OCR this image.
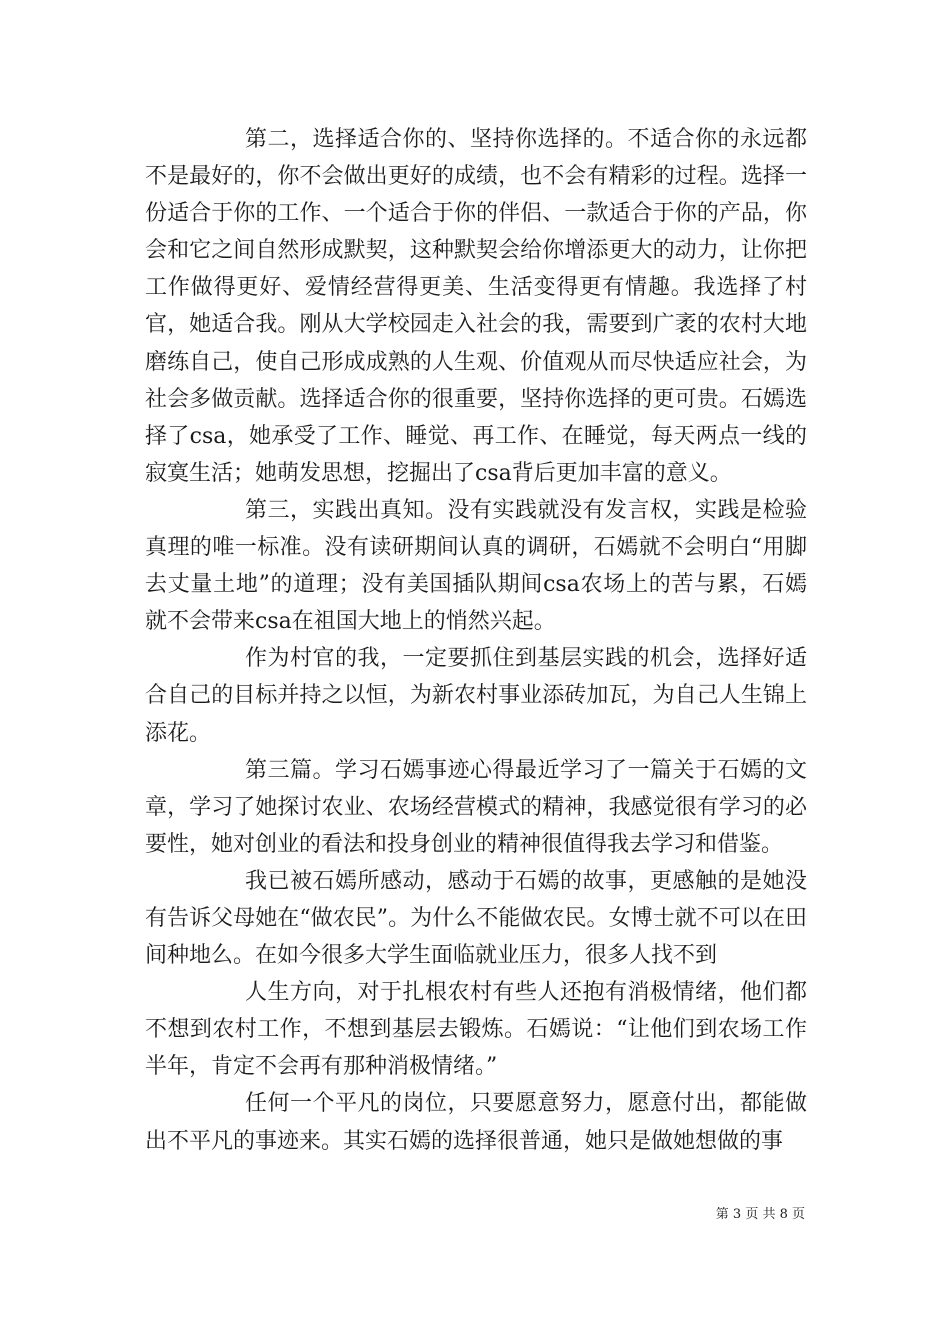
第二，选择适合你的、坚持你选择的。不适合你的永远都不是最好的，你不会做出更好的成绩，也不会有精彩的过程。选择一份适合于你的工作、一个适合于你的伴侣、一款适合于你的产品，你会和它之间自然形成默契，这种默契会给你增添更大的动力，让你把工作做得更好、爱情经营得更美、生活变得更有情趣。我选择了村官，她适合我。刚从大学校园走入社会的我，需要到广袤的农村大地磨练自己，使自己形成成熟的人生观、价值观从而尽快适应社会，为社会多做贡献。选择适合你的很重要，坚持你选择的更可贵。石嫣选择了csa，她承受了工作、睡觉、再工作、在睡觉，每天两点一线的寂寞生活；她萌发思想，挖掘出了csa背后更加丰富的意义。

第三，实践出真知。没有实践就没有发言权，实践是检验真理的唯一标准。没有读研期间认真的调研，石嫣就不会明白“用脚去丈量土地”的道理；没有美国插队期间csa农场上的苦与累，石嫣就不会带来csa在祖国大地上的悄然兴起。

作为村官的我，一定要抓住到基层实践的机会，选择好适合自己的目标并持之以恒，为新农村事业添砖加瓦，为自己人生锦上添花。

第三篇。学习石嫣事迹心得最近学习了一篇关于石嫣的文章，学习了她探讨农业、农场经营模式的精神，我感觉很有学习的必要性，她对创业的看法和投身创业的精神很值得我去学习和借鉴。

我已被石嫣所感动，感动于石嫣的故事，更感触的是她没有告诉父母她在“做农民”。为什么不能做农民。女博士就不可以在田间种地么。在如今很多大学生面临就业压力，很多人找不到

人生方向，对于扎根农村有些人还抱有消极情绪，他们都不想到农村工作，不想到基层去锻炼。石嫣说：“让他们到农场工作半年，肯定不会再有那种消极情绪。”

任何一个平凡的岗位，只要愿意努力，愿意付出，都能做出不平凡的事迹来。其实石嫣的选择很普通，她只是做她想做的事

第 3 页 共 8 页
